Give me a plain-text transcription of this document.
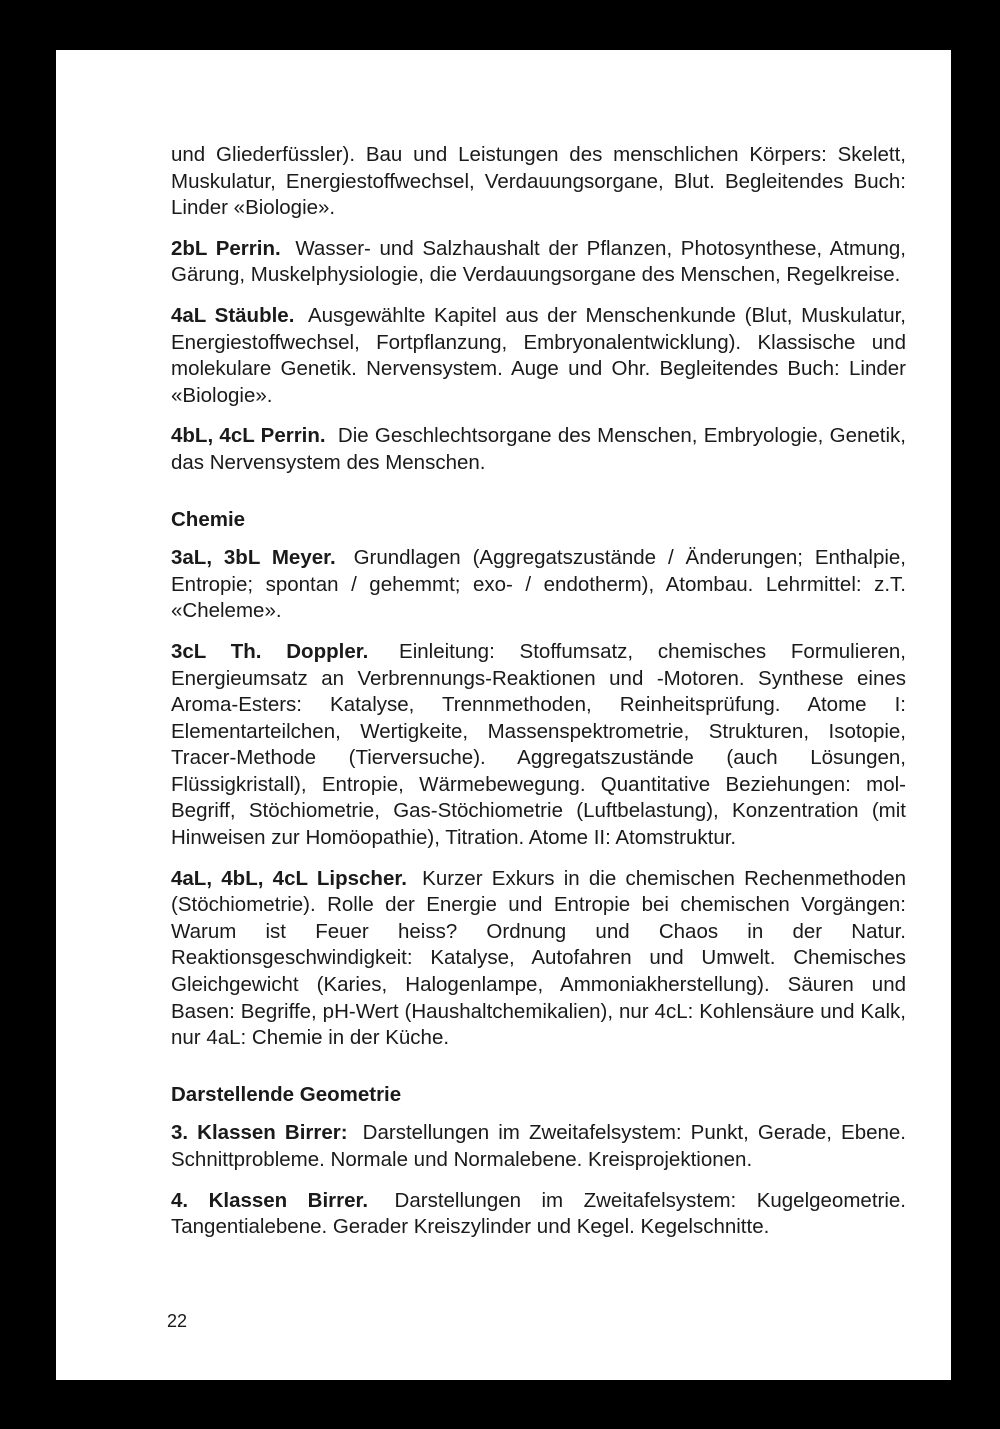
und Gliederfüssler). Bau und Leistungen des menschlichen Körpers: Skelett, Muskulatur, Energiestoffwechsel, Verdauungsorgane, Blut. Begleitendes Buch: Linder «Biologie».

2bL Perrin. Wasser- und Salzhaushalt der Pflanzen, Photosynthese, Atmung, Gärung, Muskelphysiologie, die Verdauungsorgane des Menschen, Regelkreise.

4aL Stäuble. Ausgewählte Kapitel aus der Menschenkunde (Blut, Muskulatur, Energiestoffwechsel, Fortpflanzung, Embryonalentwicklung). Klassische und molekulare Genetik. Nervensystem. Auge und Ohr. Begleitendes Buch: Linder «Biologie».

4bL, 4cL Perrin. Die Geschlechtsorgane des Menschen, Embryologie, Genetik, das Nervensystem des Menschen.

Chemie

3aL, 3bL Meyer. Grundlagen (Aggregatszustände / Änderungen; Enthalpie, Entropie; spontan / gehemmt; exo- / endotherm), Atombau. Lehrmittel: z.T. «Cheleme».

3cL Th. Doppler. Einleitung: Stoffumsatz, chemisches Formulieren, Energieumsatz an Verbrennungs-Reaktionen und -Motoren. Synthese eines Aroma-Esters: Katalyse, Trennmethoden, Reinheitsprüfung. Atome I: Elementarteilchen, Wertigkeite, Massenspektrometrie, Strukturen, Isotopie, Tracer-Methode (Tierversuche). Aggregatszustände (auch Lösungen, Flüssigkristall), Entropie, Wärmebewegung. Quantitative Beziehungen: mol-Begriff, Stöchiometrie, Gas-Stöchiometrie (Luftbelastung), Konzentration (mit Hinweisen zur Homöopathie), Titration. Atome II: Atomstruktur.

4aL, 4bL, 4cL Lipscher. Kurzer Exkurs in die chemischen Rechenmethoden (Stöchiometrie). Rolle der Energie und Entropie bei chemischen Vorgängen: Warum ist Feuer heiss? Ordnung und Chaos in der Natur. Reaktionsgeschwindigkeit: Katalyse, Autofahren und Umwelt. Chemisches Gleichgewicht (Karies, Halogenlampe, Ammoniakherstellung). Säuren und Basen: Begriffe, pH-Wert (Haushaltchemikalien), nur 4cL: Kohlensäure und Kalk, nur 4aL: Chemie in der Küche.

Darstellende Geometrie

3. Klassen Birrer: Darstellungen im Zweitafelsystem: Punkt, Gerade, Ebene. Schnittprobleme. Normale und Normalebene. Kreisprojektionen.

4. Klassen Birrer. Darstellungen im Zweitafelsystem: Kugelgeometrie. Tangentialebene. Gerader Kreiszylinder und Kegel. Kegelschnitte.

22
